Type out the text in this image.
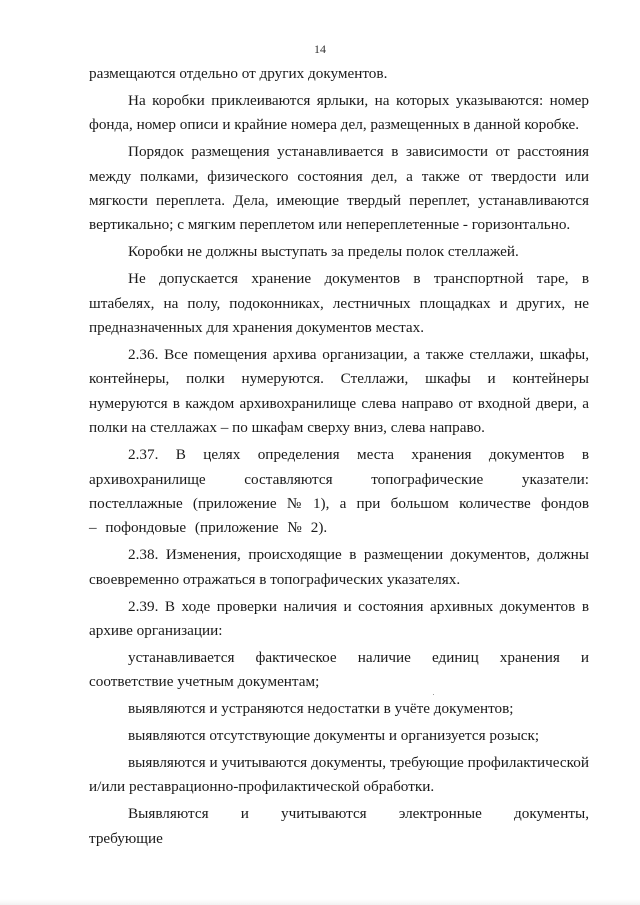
14

размещаются отдельно от других документов.

На коробки приклеиваются ярлыки, на которых указываются: номер фонда, номер описи и крайние номера дел, размещенных в данной коробке.

Порядок размещения устанавливается в зависимости от расстояния между полками, физического состояния дел, а также от твердости или мягкости переплета. Дела, имеющие твердый переплет, устанавливаются вертикально; с мягким переплетом или непереплетенные - горизонтально.

Коробки не должны выступать за пределы полок стеллажей.

Не допускается хранение документов в транспортной таре, в штабелях, на полу, подоконниках, лестничных площадках и других, не предназначенных для хранения документов местах.

2.36. Все помещения архива организации, а также стеллажи, шкафы, контейнеры, полки нумеруются. Стеллажи, шкафы и контейнеры нумеруются в каждом архивохранилище слева направо от входной двери, а полки на стеллажах – по шкафам сверху вниз, слева направо.

2.37. В целях определения места хранения документов в архивохранилище составляются топографические указатели: постеллажные (приложение № 1), а при большом количестве фондов – пофондовые (приложение № 2).

2.38. Изменения, происходящие в размещении документов, должны своевременно отражаться в топографических указателях.

2.39. В ходе проверки наличия и состояния архивных документов в архиве организации:

устанавливается фактическое наличие единиц хранения и соответствие учетным документам;

выявляются и устраняются недостатки в учёте документов;

выявляются отсутствующие документы и организуется розыск;

выявляются и учитываются документы, требующие профилактической и/или реставрационно-профилактической обработки.

Выявляются и учитываются электронные документы, требующие
